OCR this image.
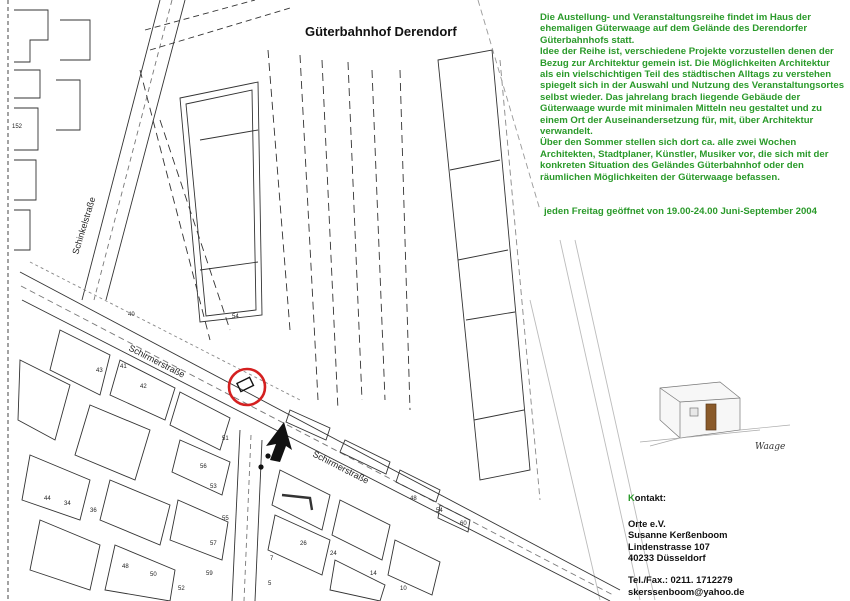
Schinkelstraße
Schirmerstraße
Schirmerstraße
152
40
43
41
42
51
54
56
53
55
57
59
44
34
36
48
50
52
7
5
26
24
14
10
60
48
54
Güterbahnhof Derendorf

Die Austellung- und Veranstaltungsreihe findet im Haus der ehemaligen Güterwaage auf dem Gelände des Derendorfer Güterbahnhofs statt.

Idee der Reihe ist, verschiedene Projekte vorzustellen denen der Bezug zur Architektur gemein ist. Die Möglichkeiten Architektur als ein vielschichtigen Teil des städtischen Alltags zu verstehen spiegelt sich in der Auswahl und Nutzung des Veranstaltungsortes selbst wieder. Das jahrelang brach liegende Gebäude der Güterwaage wurde mit minimalen Mitteln neu gestaltet und zu einem Ort der Auseinandersetzung für, mit, über Architektur verwandelt.

Über den Sommer stellen sich dort ca. alle zwei Wochen Architekten, Stadtplaner, Künstler, Musiker vor, die sich mit der konkreten Situation des Geländes Güterbahnhof oder den räumlichen Möglichkeiten der Güterwaage befassen.

jeden Freitag geöffnet von 19.00-24.00 Juni-September 2004
Waage
Kontakt:
Orte e.V.
Susanne Kerßenboom
Lindenstrasse 107
40233 Düsseldorf
Tel./Fax.: 0211. 1712279
skerssenboom@yahoo.de
